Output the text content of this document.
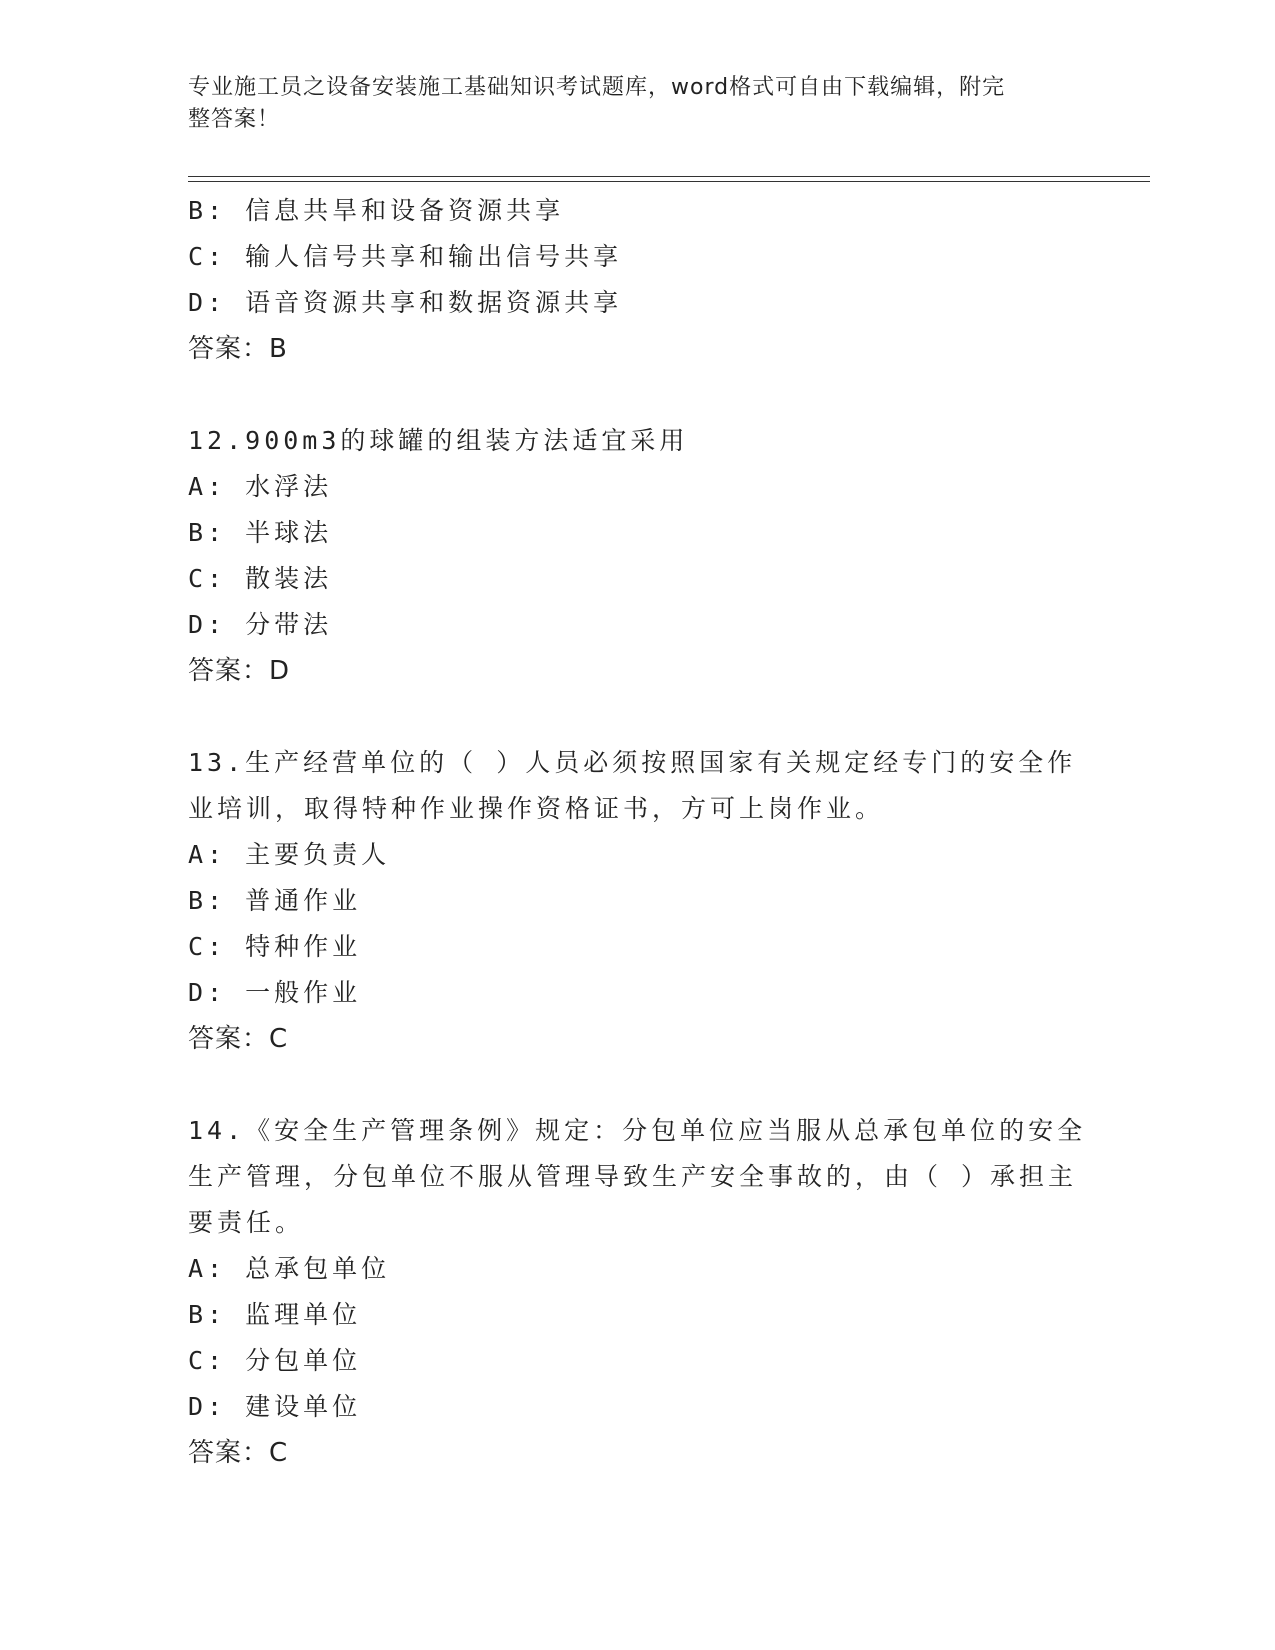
专业施工员之设备安装施工基础知识考试题库，word格式可自由下载编辑，附完
整答案！
B: 信息共旱和设备资源共享
C: 输人信号共享和输出信号共享
D: 语音资源共享和数据资源共享
答案：B
12.900m3的球罐的组装方法适宜采用
A: 水浮法
B: 半球法
C: 散装法
D: 分带法
答案：D
13.生产经营单位的（ ）人员必须按照国家有关规定经专门的安全作
业培训，取得特种作业操作资格证书，方可上岗作业。
A: 主要负责人
B: 普通作业
C: 特种作业
D: 一般作业
答案：C
14.《安全生产管理条例》规定：分包单位应当服从总承包单位的安全
生产管理，分包单位不服从管理导致生产安全事故的，由（ ）承担主
要责任。
A: 总承包单位
B: 监理单位
C: 分包单位
D: 建设单位
答案：C
